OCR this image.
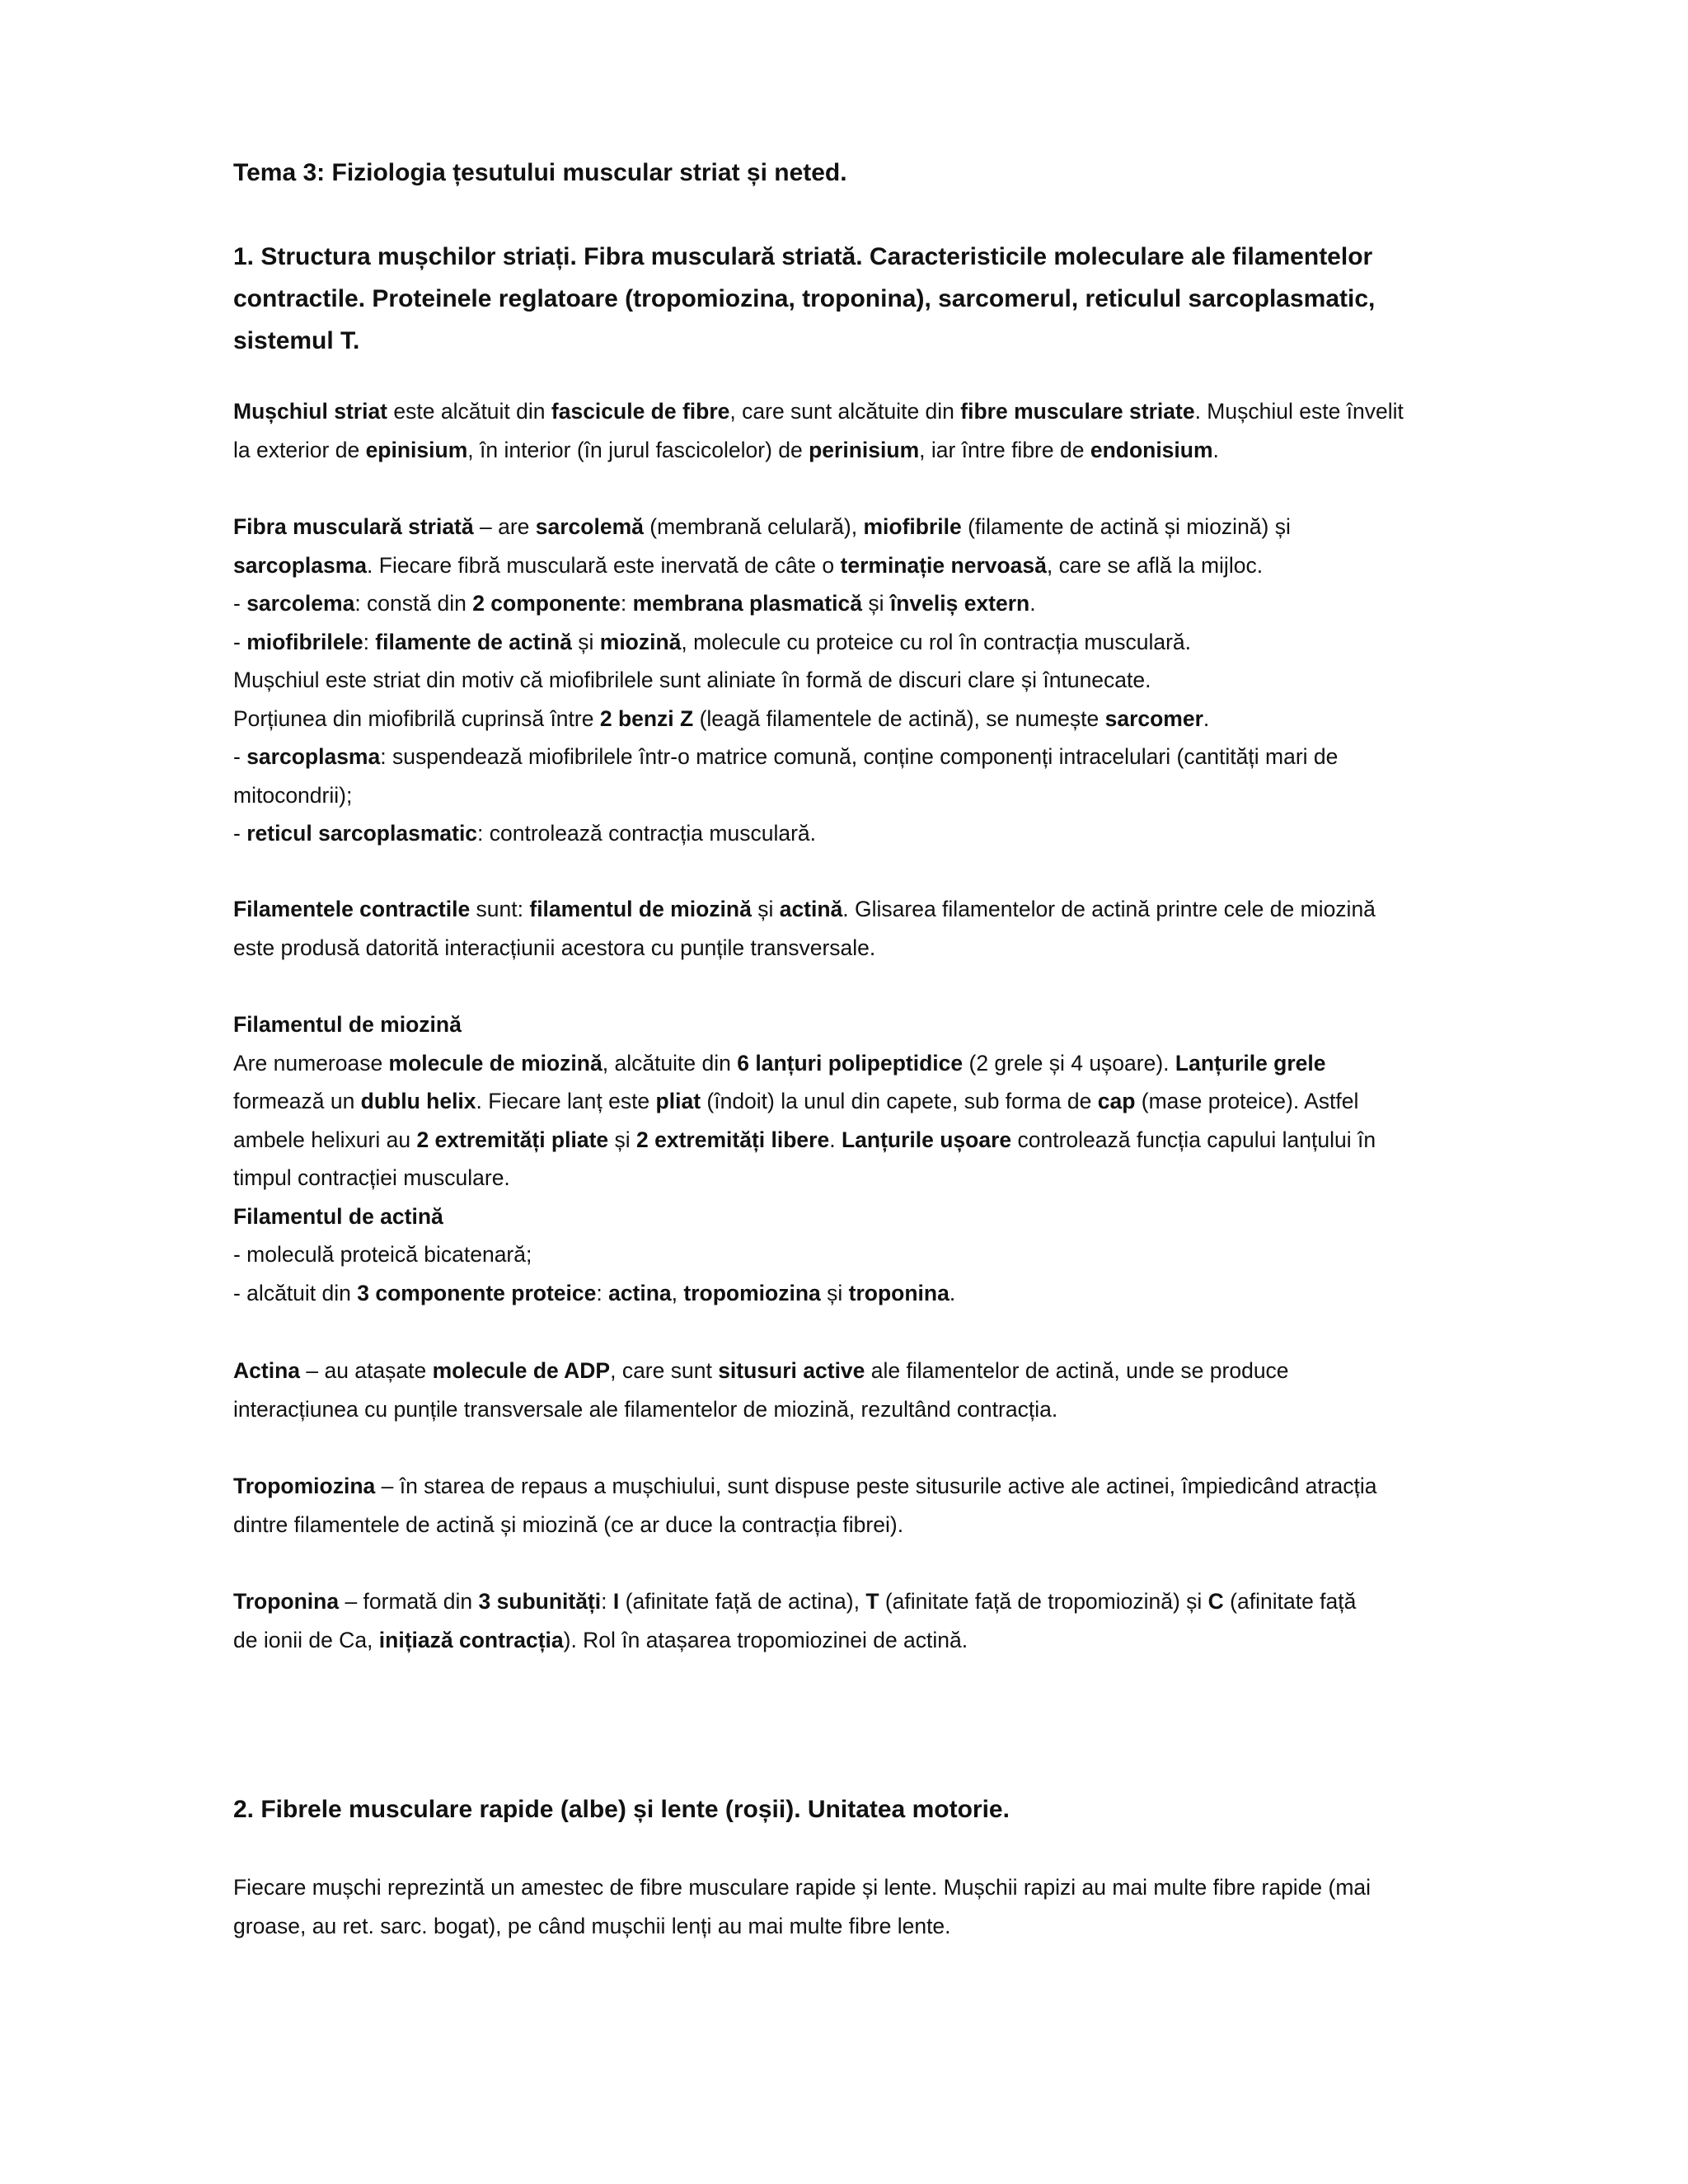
Tema 3: Fiziologia țesutului muscular striat și neted.
1. Structura mușchilor striați. Fibra musculară striată. Caracteristicile moleculare ale filamentelor
contractile. Proteinele reglatoare (tropomiozina, troponina), sarcomerul, reticulul sarcoplasmatic,
sistemul T.

Mușchiul striat este alcătuit din fascicule de fibre, care sunt alcătuite din fibre musculare striate. Mușchiul este învelit
la exterior de epinisium, în interior (în jurul fascicolelor) de perinisium, iar între fibre de endonisium.

Fibra musculară striată – are sarcolemă (membrană celulară), miofibrile (filamente de actină și miozină) și
sarcoplasma. Fiecare fibră musculară este inervată de câte o terminație nervoasă, care se află la mijloc.
- sarcolema: constă din 2 componente: membrana plasmatică și înveliș extern.
- miofibrilele: filamente de actină și miozină, molecule cu proteice cu rol în contracția musculară.
Mușchiul este striat din motiv că miofibrilele sunt aliniate în formă de discuri clare și întunecate.
Porțiunea din miofibrilă cuprinsă între 2 benzi Z (leagă filamentele de actină), se numește sarcomer.
- sarcoplasma: suspendează miofibrilele într-o matrice comună, conține componenți intracelulari (cantități mari de
mitocondrii);
- reticul sarcoplasmatic: controlează contracția musculară.

Filamentele contractile sunt: filamentul de miozină și actină. Glisarea filamentelor de actină printre cele de miozină
este produsă datorită interacțiunii acestora cu punțile transversale.

Filamentul de miozină
Are numeroase molecule de miozină, alcătuite din 6 lanțuri polipeptidice (2 grele și 4 ușoare). Lanțurile grele
formează un dublu helix. Fiecare lanț este pliat (îndoit) la unul din capete, sub forma de cap (mase proteice). Astfel
ambele helixuri au 2 extremități pliate și 2 extremități libere. Lanțurile ușoare controlează funcția capului lanțului în
timpul contracției musculare.
Filamentul de actină
- moleculă proteică bicatenară;
- alcătuit din 3 componente proteice: actina, tropomiozina și troponina.

Actina – au atașate molecule de ADP, care sunt situsuri active ale filamentelor de actină, unde se produce
interacțiunea cu punțile transversale ale filamentelor de miozină, rezultând contracția.

Tropomiozina – în starea de repaus a mușchiului, sunt dispuse peste situsurile active ale actinei, împiedicând atracția
dintre filamentele de actină și miozină (ce ar duce la contracția fibrei).

Troponina – formată din 3 subunități: I (afinitate față de actina), T (afinitate față de tropomiozină) și C (afinitate față
de ionii de Ca, inițiază contracția). Rol în atașarea tropomiozinei de actină.

2. Fibrele musculare rapide (albe) și lente (roșii). Unitatea motorie.

Fiecare mușchi reprezintă un amestec de fibre musculare rapide și lente. Mușchii rapizi au mai multe fibre rapide (mai
groase, au ret. sarc. bogat), pe când mușchii lenți au mai multe fibre lente.
